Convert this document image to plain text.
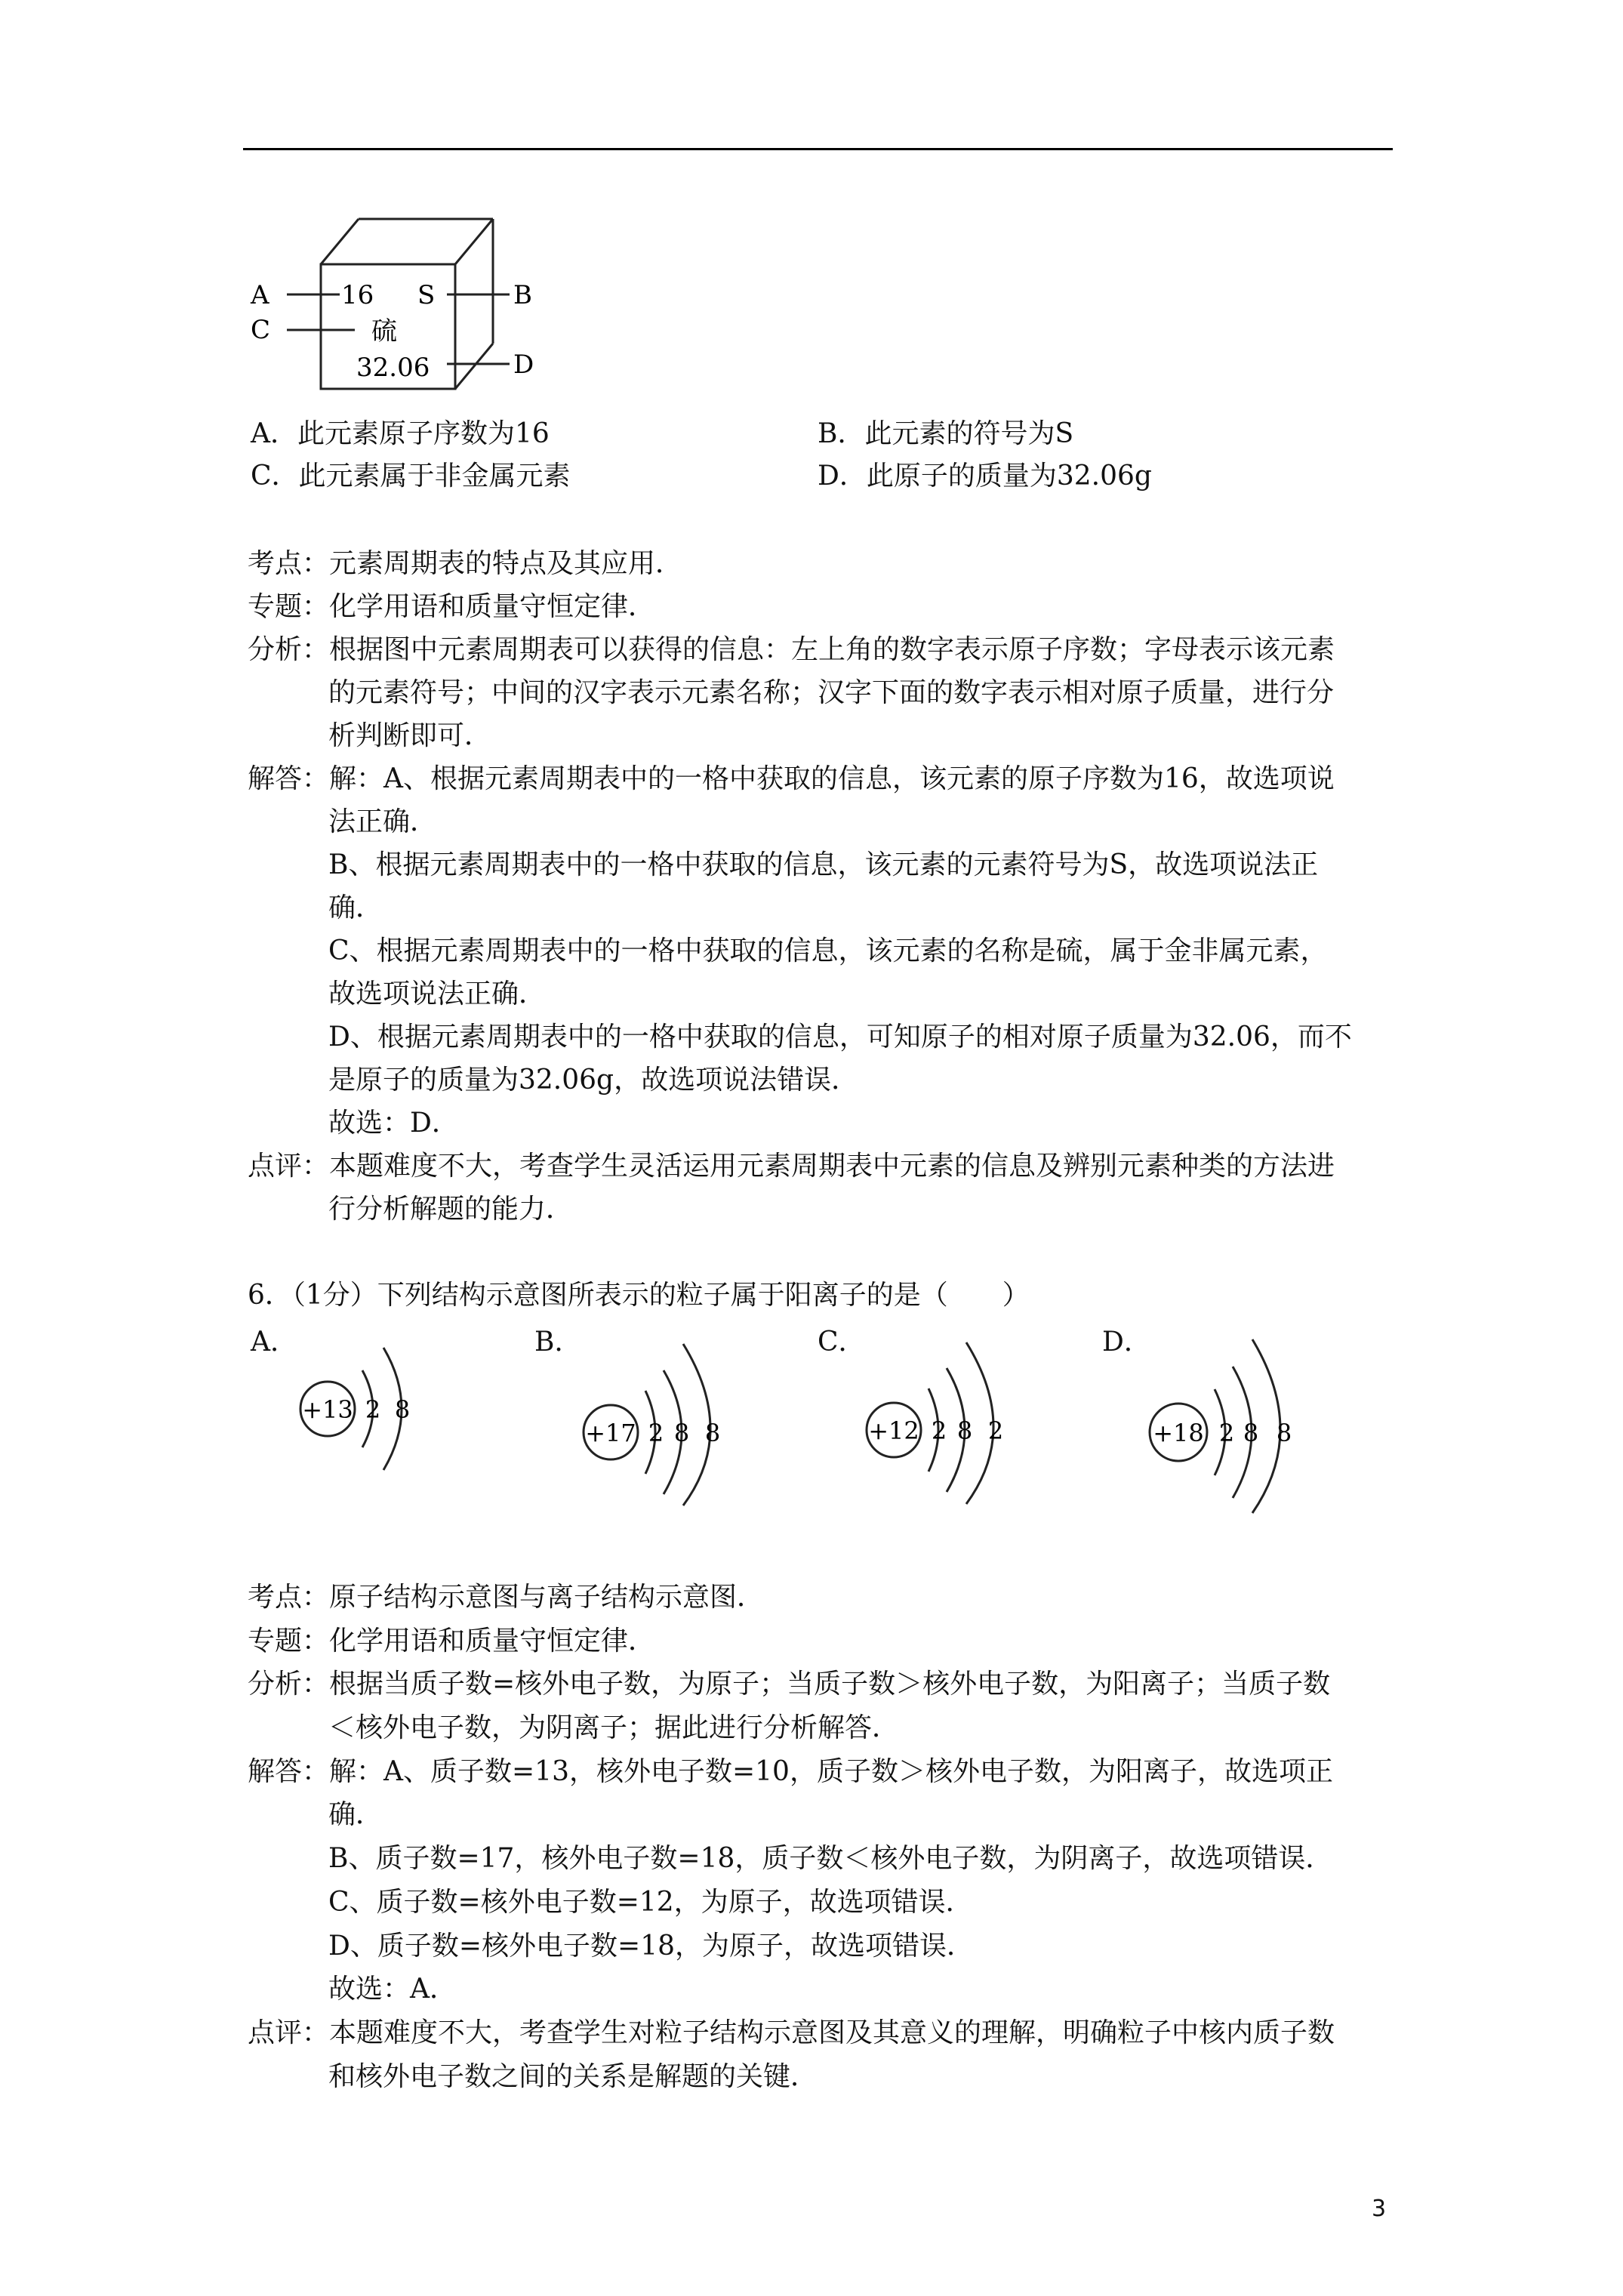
A
C
B
D
16 S
硫
32.06
A．此元素原子序数为16	B．此元素的符号为S
C．此元素属于非金属元素	D．此原子的质量为32.06g
考点：元素周期表的特点及其应用．
专题：化学用语和质量守恒定律．
分析：根据图中元素周期表可以获得的信息：左上角的数字表示原子序数；字母表示该元素
的元素符号；中间的汉字表示元素名称；汉字下面的数字表示相对原子质量，进行分
析判断即可．
解答：解：A、根据元素周期表中的一格中获取的信息，该元素的原子序数为16，故选项说
法正确．
B、根据元素周期表中的一格中获取的信息，该元素的元素符号为S，故选项说法正
确．
C、根据元素周期表中的一格中获取的信息，该元素的名称是硫，属于金非属元素，
故选项说法正确．
D、根据元素周期表中的一格中获取的信息，可知原子的相对原子质量为32.06，而不
是原子的质量为32.06g，故选项说法错误．
故选：D．
点评：本题难度不大，考查学生灵活运用元素周期表中元素的信息及辨别元素种类的方法进
行分析解题的能力．
6．（1分）下列结构示意图所表示的粒子属于阳离子的是（　　）
A．
+13 2 8
B．
+17 2 8 8
C．
+12 2 8 2
D．
+18 2 8 8
考点：原子结构示意图与离子结构示意图．
专题：化学用语和质量守恒定律．
分析：根据当质子数=核外电子数，为原子；当质子数＞核外电子数，为阳离子；当质子数
＜核外电子数，为阴离子；据此进行分析解答．
解答：解：A、质子数=13，核外电子数=10，质子数＞核外电子数，为阳离子，故选项正
确．
B、质子数=17，核外电子数=18，质子数＜核外电子数，为阴离子，故选项错误．
C、质子数=核外电子数=12，为原子，故选项错误．
D、质子数=核外电子数=18，为原子，故选项错误．
故选：A．
点评：本题难度不大，考查学生对粒子结构示意图及其意义的理解，明确粒子中核内质子数
和核外电子数之间的关系是解题的关键．
3
